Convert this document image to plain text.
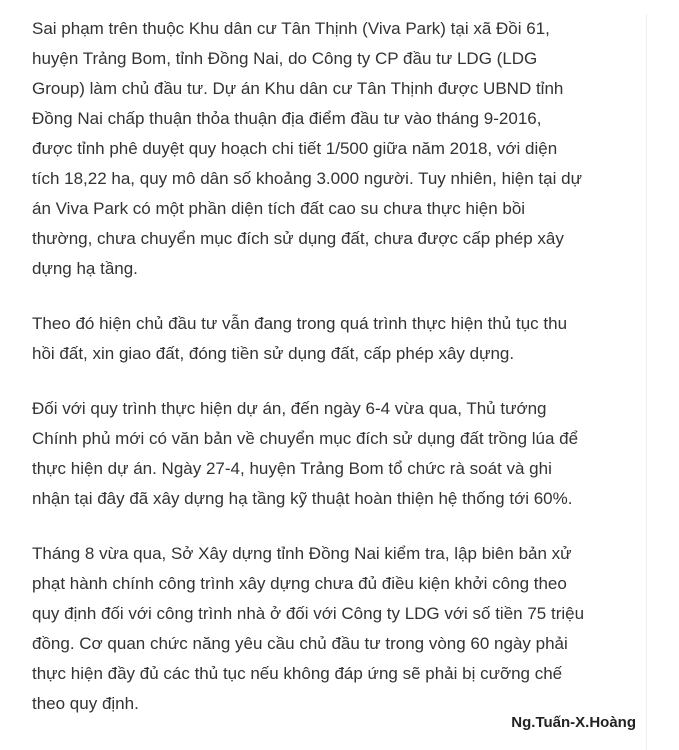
Sai phạm trên thuộc Khu dân cư Tân Thịnh (Viva Park) tại xã Đồi 61,
huyện Trảng Bom, tỉnh Đồng Nai, do Công ty CP đầu tư LDG (LDG
Group) làm chủ đầu tư. Dự án Khu dân cư Tân Thịnh được UBND tỉnh
Đồng Nai chấp thuận thỏa thuận địa điểm đầu tư vào tháng 9-2016,
được tỉnh phê duyệt quy hoạch chi tiết 1/500 giữa năm 2018, với diện
tích 18,22 ha, quy mô dân số khoảng 3.000 người. Tuy nhiên, hiện tại dự
án Viva Park có một phần diện tích đất cao su chưa thực hiện bồi
thường, chưa chuyển mục đích sử dụng đất, chưa được cấp phép xây
dựng hạ tầng.

Theo đó hiện chủ đầu tư vẫn đang trong quá trình thực hiện thủ tục thu
hồi đất, xin giao đất, đóng tiền sử dụng đất, cấp phép xây dựng.

Đối với quy trình thực hiện dự án, đến ngày 6-4 vừa qua, Thủ tướng
Chính phủ mới có văn bản về chuyển mục đích sử dụng đất trồng lúa để
thực hiện dự án. Ngày 27-4, huyện Trảng Bom tổ chức rà soát và ghi
nhận tại đây đã xây dựng hạ tầng kỹ thuật hoàn thiện hệ thống tới 60%.

Tháng 8 vừa qua, Sở Xây dựng tỉnh Đồng Nai kiểm tra, lập biên bản xử
phạt hành chính công trình xây dựng chưa đủ điều kiện khởi công theo
quy định đối với công trình nhà ở đối với Công ty LDG với số tiền 75 triệu
đồng. Cơ quan chức năng yêu cầu chủ đầu tư trong vòng 60 ngày phải
thực hiện đầy đủ các thủ tục nếu không đáp ứng sẽ phải bị cưỡng chế
theo quy định.

Ng.Tuấn-X.Hoàng
